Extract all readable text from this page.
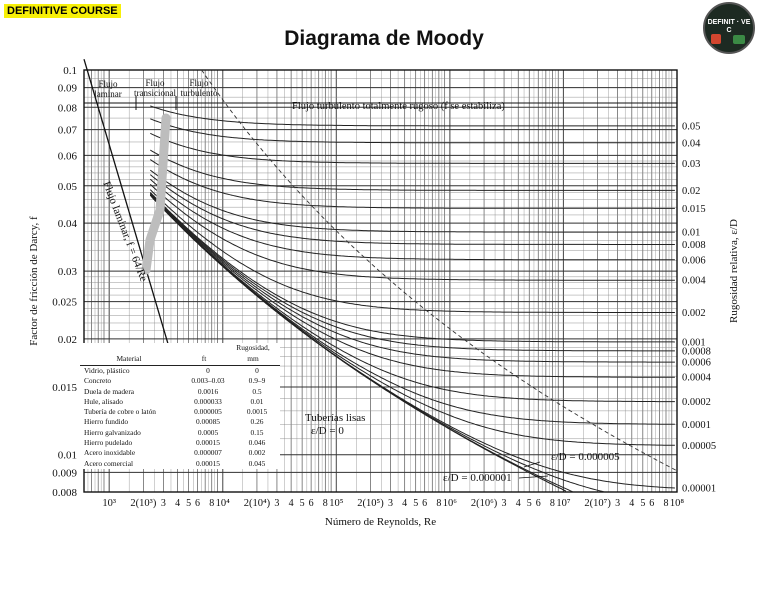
DEFINITIVE COURSE
Diagrama de Moody
DEFINIT · VE C
Flujo laminar
Flujo transicional
Flujo turbulento
Flujo turbulento totalmente rugoso (f se estabiliza)
Flujo laminar, f = 64/Re
Tuberías lisas
ε/D = 0
ε/D = 0.000005
ε/D = 0.000001
0.05
0.04
0.03
0.02
0.015
0.01
0.008
0.006
0.004
0.002
0.001
0.0008
0.0006
0.0004
0.0002
0.0001
0.00005
0.00001
0.1
0.09
0.08
0.07
0.06
0.05
0.04
0.03
0.025
0.02
0.015
0.01
0.009
0.008
10³ 2(10³) 3 4 5 6 8 10⁴ 2(10⁴) 3 4 5 6 8 10⁵ 2(10⁵) 3 4 5 6 8 10⁶ 2(10⁶) 3 4 5 6 8 10⁷ 2(10⁷) 3 4 5 6 8 10⁸
Número de Reynolds, Re
Factor de fricción de Darcy, f	Rugosidad relativa, ε/D
Material	ft
Rugosidad,
mm
Vidrio, plástico	0	0
Concreto	0.003–0.03	0.9–9
Duela de madera	0.0016	0.5
Hule, alisado	0.000033	0.01
Tubería de cobre o latón	0.000005	0.0015
Hierro fundido	0.00085	0.26
Hierro galvanizado	0.0005	0.15
Hierro pudelado	0.00015	0.046
Acero inoxidable	0.000007	0.002
Acero comercial	0.00015	0.045
